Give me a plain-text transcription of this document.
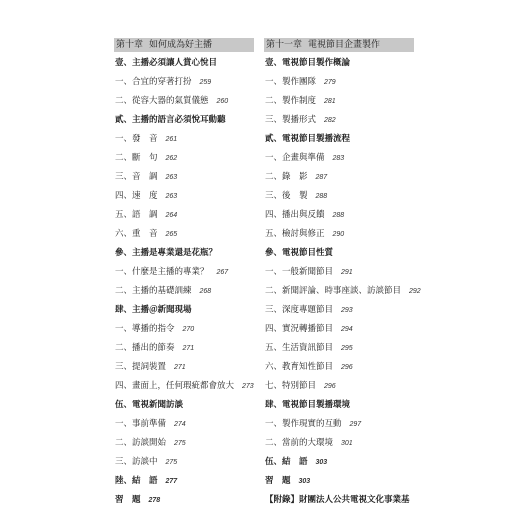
第十章 如何成為好主播
壹、主播必須讓人賞心悅目
一、合宜的穿著打扮 259
二、從容大器的氣質儀態 260
貳、主播的語言必須悅耳動聽
一、發　音 261
二、斷　句 262
三、音　調 263
四、速　度 263
五、語　調 264
六、重　音 265
參、主播是專業還是花瓶？
一、什麼是主播的專業？ 267
二、主播的基礎訓練 268
肆、主播＠新聞現場
一、導播的指令 270
二、播出的節奏 271
三、提詞裝置 271
四、畫面上，任何瑕疵都會放大 273
伍、電視新聞訪談
一、事前準備 274
二、訪談開始 275
三、訪談中 275
陸、結　語 277
習　題 278
第十一章 電視節目企畫製作
壹、電視節目製作概論
一、製作團隊 279
二、製作制度 281
三、製播形式 282
貳、電視節目製播流程
一、企畫與準備 283
二、錄　影 287
三、後　製 288
四、播出與反饋 288
五、檢討與修正 290
參、電視節目性質
一、一般新聞節目 291
二、新聞評論、時事座談、訪談節目 292
三、深度專題節目 293
四、實況轉播節目 294
五、生活資訊節目 295
六、教育知性節目 296
七、特別節目 296
肆、電視節目製播環境
一、製作現實的互動 297
二、當前的大環境 301
伍、結　語 303
習　題 303
【附錄】財團法人公共電視文化事業基
